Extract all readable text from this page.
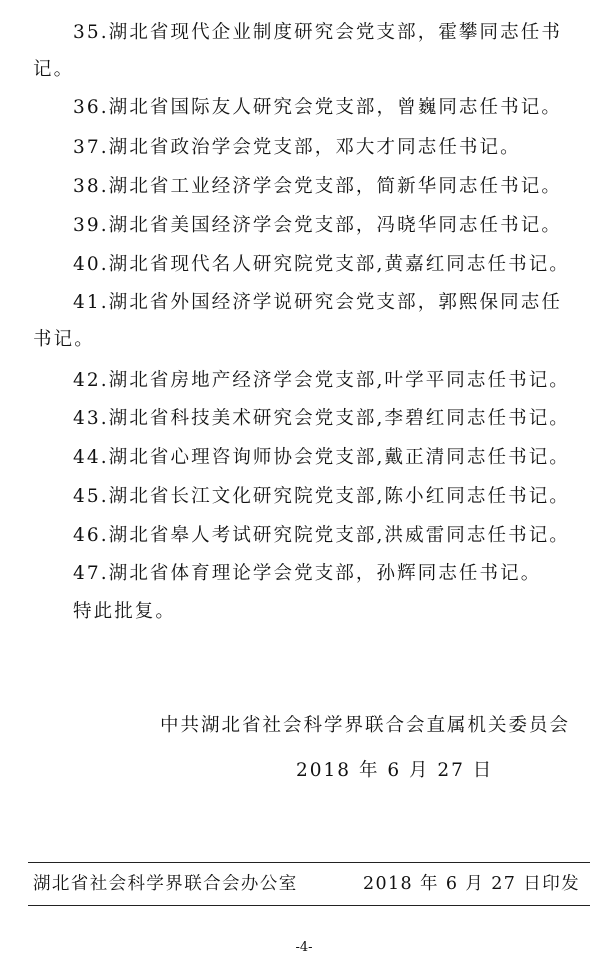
35.湖北省现代企业制度研究会党支部，霍攀同志任书
记。
36.湖北省国际友人研究会党支部，曾巍同志任书记。
37.湖北省政治学会党支部，邓大才同志任书记。
38.湖北省工业经济学会党支部，简新华同志任书记。
39.湖北省美国经济学会党支部，冯晓华同志任书记。
40.湖北省现代名人研究院党支部,黄嘉红同志任书记。
41.湖北省外国经济学说研究会党支部，郭熙保同志任
书记。
42.湖北省房地产经济学会党支部,叶学平同志任书记。
43.湖北省科技美术研究会党支部,李碧红同志任书记。
44.湖北省心理咨询师协会党支部,戴正清同志任书记。
45.湖北省长江文化研究院党支部,陈小红同志任书记。
46.湖北省皋人考试研究院党支部,洪威雷同志任书记。
47.湖北省体育理论学会党支部，孙辉同志任书记。
特此批复。
中共湖北省社会科学界联合会直属机关委员会
2018 年 6 月 27 日
湖北省社会科学界联合会办公室	2018 年 6 月 27 日印发
-4-
